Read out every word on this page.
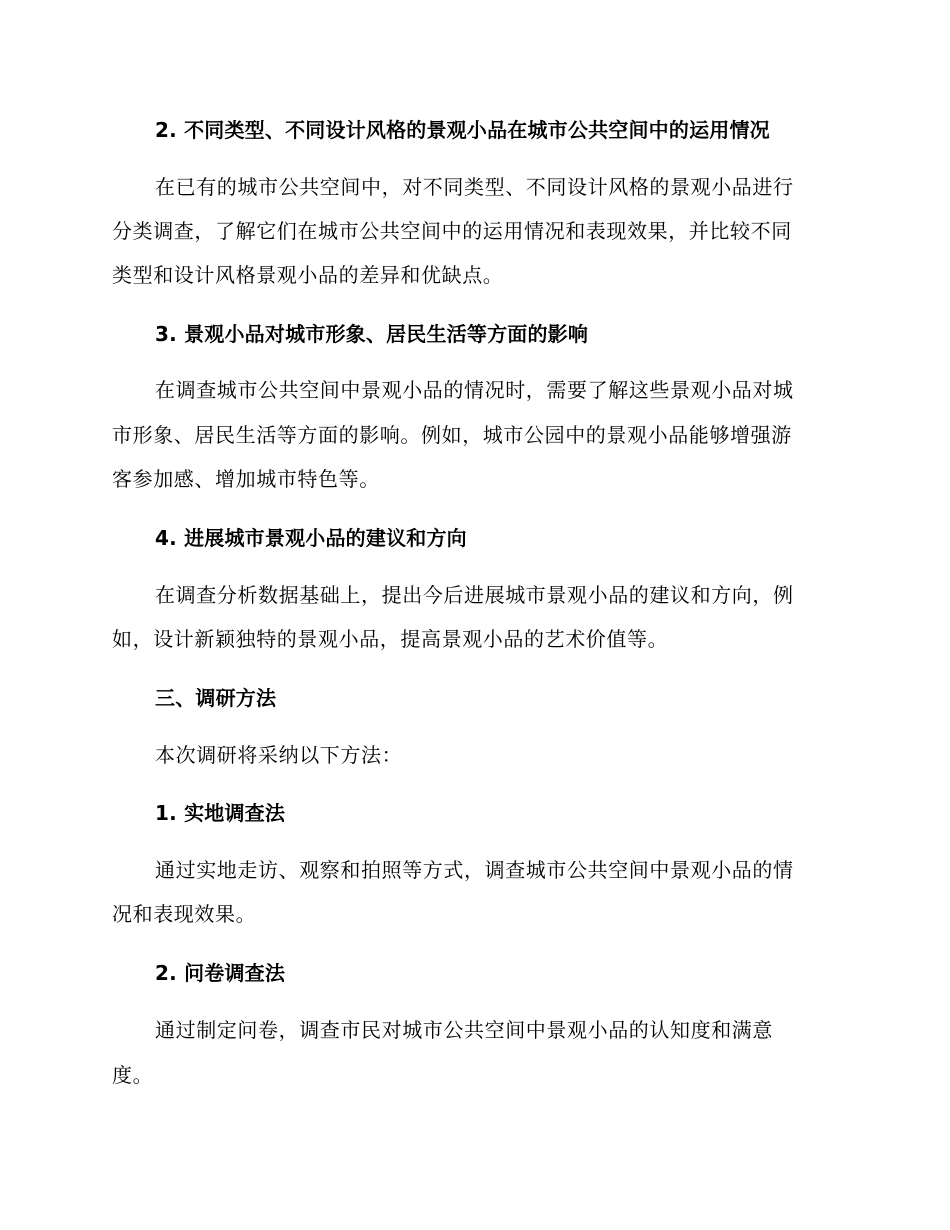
2. 不同类型、不同设计风格的景观小品在城市公共空间中的运用情况
在已有的城市公共空间中，对不同类型、不同设计风格的景观小品进行
分类调查，了解它们在城市公共空间中的运用情况和表现效果，并比较不同
类型和设计风格景观小品的差异和优缺点。
3. 景观小品对城市形象、居民生活等方面的影响
在调查城市公共空间中景观小品的情况时，需要了解这些景观小品对城
市形象、居民生活等方面的影响。例如，城市公园中的景观小品能够增强游
客参加感、增加城市特色等。
4. 进展城市景观小品的建议和方向
在调查分析数据基础上，提出今后进展城市景观小品的建议和方向，例
如，设计新颖独特的景观小品，提高景观小品的艺术价值等。
三、调研方法
本次调研将采纳以下方法：
1. 实地调查法
通过实地走访、观察和拍照等方式，调查城市公共空间中景观小品的情
况和表现效果。
2. 问卷调查法
通过制定问卷，调查市民对城市公共空间中景观小品的认知度和满意
度。
